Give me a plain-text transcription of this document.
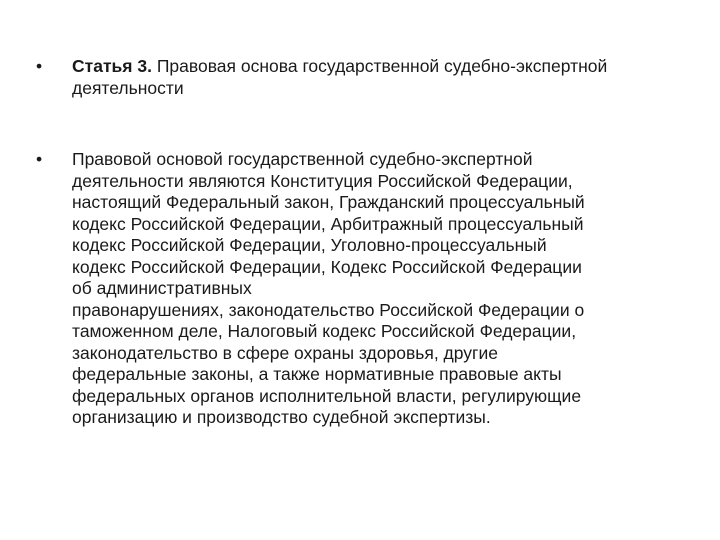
•	Статья 3. Правовая основа государственной судебно-экспертной
деятельности
•	Правовой основой государственной судебно-экспертной
деятельности являются Конституция Российской Федерации,
настоящий Федеральный закон, Гражданский процессуальный
кодекс Российской Федерации, Арбитражный процессуальный
кодекс Российской Федерации, Уголовно-процессуальный
кодекс Российской Федерации, Кодекс Российской Федерации
об административных
правонарушениях, законодательство Российской Федерации о
таможенном деле, Налоговый кодекс Российской Федерации,
законодательство в сфере охраны здоровья, другие
федеральные законы, а также нормативные правовые акты
федеральных органов исполнительной власти, регулирующие
организацию и производство судебной экспертизы.
